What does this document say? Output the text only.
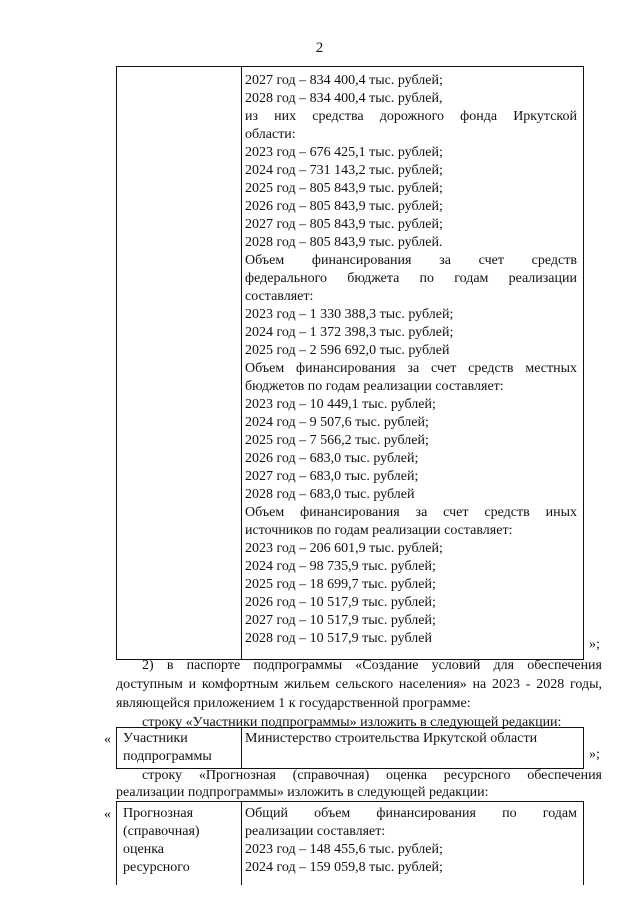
2
2027 год – 834 400,4 тыс. рублей;
2028 год – 834 400,4 тыс. рублей,
из них средства дорожного фонда Иркутской
области:
2023 год – 676 425,1 тыс. рублей;
2024 год – 731 143,2 тыс. рублей;
2025 год – 805 843,9 тыс. рублей;
2026 год – 805 843,9 тыс. рублей;
2027 год – 805 843,9 тыс. рублей;
2028 год – 805 843,9 тыс. рублей.
Объем финансирования за счет средств
федерального бюджета по годам реализации
составляет:
2023 год – 1 330 388,3 тыс. рублей;
2024 год – 1 372 398,3 тыс. рублей;
2025 год – 2 596 692,0 тыс. рублей
Объем финансирования за счет средств местных
бюджетов по годам реализации составляет:
2023 год – 10 449,1 тыс. рублей;
2024 год – 9 507,6 тыс. рублей;
2025 год – 7 566,2 тыс. рублей;
2026 год – 683,0 тыс. рублей;
2027 год – 683,0 тыс. рублей;
2028 год – 683,0 тыс. рублей
Объем финансирования за счет средств иных
источников по годам реализации составляет:
2023 год – 206 601,9 тыс. рублей;
2024 год – 98 735,9 тыс. рублей;
2025 год – 18 699,7 тыс. рублей;
2026 год – 10 517,9 тыс. рублей;
2027 год – 10 517,9 тыс. рублей;
2028 год – 10 517,9 тыс. рублей	»;
2) в паспорте подпрограммы «Создание условий для обеспечения
доступным и комфортным жильем сельского населения» на 2023 - 2028 годы,
являющейся приложением 1 к государственной программе:
строку «Участники подпрограммы» изложить в следующей редакции:
« Участники
подпрограммы
Министерство строительства Иркутской области
»;
строку «Прогнозная (справочная) оценка ресурсного обеспечения
реализации подпрограммы» изложить в следующей редакции:
« Прогнозная
(справочная)
оценка
ресурсного
Общий объем финансирования по годам
реализации составляет:
2023 год – 148 455,6 тыс. рублей;
2024 год – 159 059,8 тыс. рублей;
